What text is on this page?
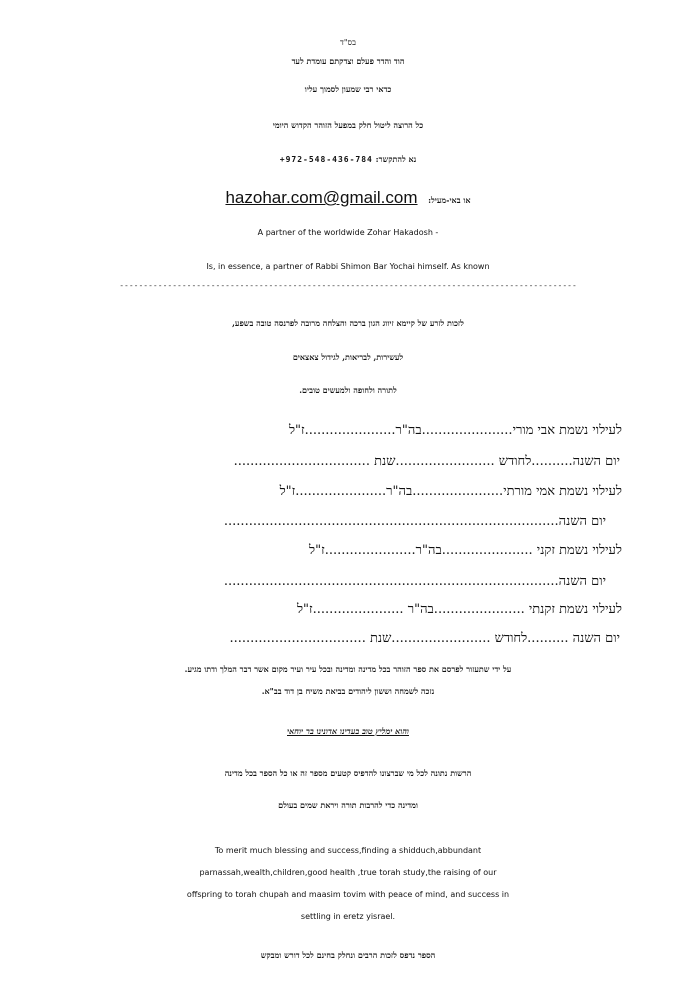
בס"ד
הוד והדר פעלם וצדקתם עומדת לעד
כדאי רבי שמעון לסמוך עליו
כל הרוצה ליטול חלק במפעל הזוהר הקדוש היומי
נא להתקשר: +972-548-436-784
או באי-מעיל: hazohar.com@gmail.com
A partner of the worldwide Zohar Hakadosh -
Is, in essence, a partner of Rabbi Shimon Bar Yochai himself. As known
-----------------------------------------------------------------------------------------------
לזכות לזרע של קיימא זיווג הגון ברכה והצלחה מרובה לפרנסה טובה בשפע,
לעשירות, לבריאות, לגידול צאצאים
לתורה ולחופה ולמעשים טובים.
לעילוי נשמת אבי מורי......................בה"ר......................ז"ל
יום השנה..........לחודש ........................שנת .................................
לעילוי נשמת אמי מורתי......................בה"ר......................ז"ל
יום השנה.................................................................................
לעילוי נשמת זקני ......................בה"ר......................ז"ל
יום השנה.................................................................................
לעילוי נשמת זקנתי ......................בה"ר ......................ז"ל
יום השנה ..........לחודש ........................שנת .................................
על ידי שתעזור לפרסם את ספר הזוהר בכל מדינה ומדינה ובכל עיר ועיר מקום אשר דבר המלך ודתו מגיע.
נזכה לשמחה וששון ליהודים בביאת משיח בן דוד בב"א.
והוא ימליץ טוב בעדינו אדונינו בר יוחאי
הרשות נתונה לכל מי שברצונו להדפיס קטעים מספר זה או כל הספר בכל מדינה
ומדינה כדי להרבות תורה ויראת שמים בעולם
To merit much blessing and success,finding a shidduch,abbundant
parnassah,wealth,children,good health ,true torah study,the raising of our
offspring to torah chupah and maasim tovim with peace of mind, and success in
settling in eretz yisrael.
הספר נדפס לזכות הרבים ונחלק בחינם לכל דורש ומבקש
